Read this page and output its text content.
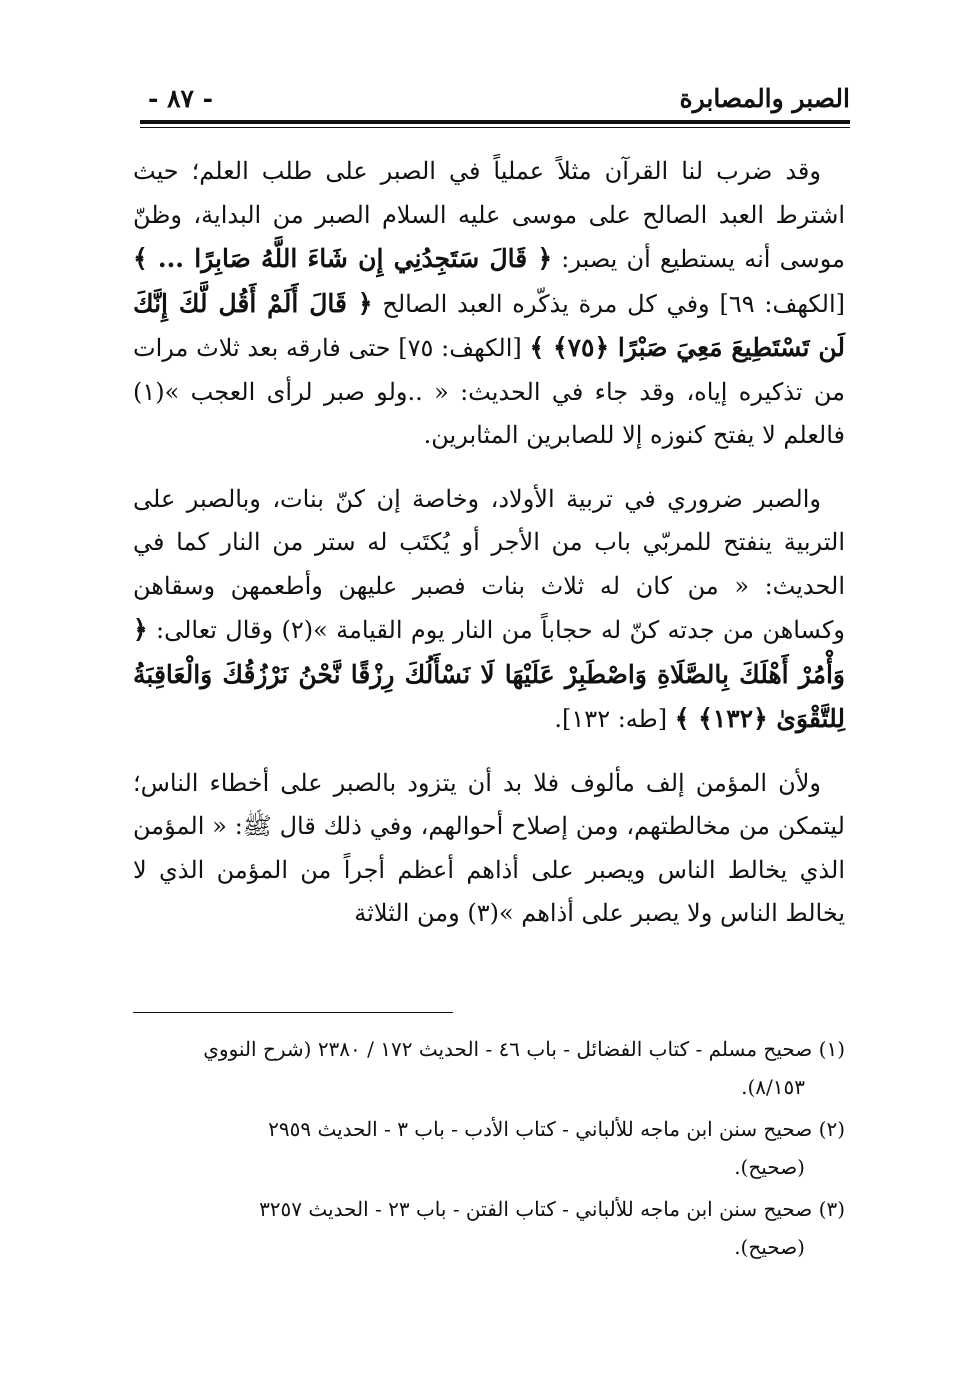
الصبر والمصابرة
- ٨٧ -

وقد ضرب لنا القرآن مثلاً عملياً في الصبر على طلب العلم؛ حيث اشترط العبد الصالح على موسى عليه السلام الصبر من البداية، وظنّ موسى أنه يستطيع أن يصبر: ﴿ قَالَ سَتَجِدُنِي إِن شَاءَ اللَّهُ صَابِرًا ... ﴾ [الكهف: ٦٩] وفي كل مرة يذكّره العبد الصالح ﴿ قَالَ أَلَمْ أَقُل لَّكَ إِنَّكَ لَن تَسْتَطِيعَ مَعِيَ صَبْرًا ﴿٧٥﴾ ﴾ [الكهف: ٧٥] حتى فارقه بعد ثلاث مرات من تذكيره إياه، وقد جاء في الحديث: « ..ولو صبر لرأى العجب »(١) فالعلم لا يفتح كنوزه إلا للصابرين المثابرين.

والصبر ضروري في تربية الأولاد، وخاصة إن كنّ بنات، وبالصبر على التربية ينفتح للمربّي باب من الأجر أو يُكتَب له ستر من النار كما في الحديث: « من كان له ثلاث بنات فصبر عليهن وأطعمهن وسقاهن وكساهن من جدته كنّ له حجاباً من النار يوم القيامة »(٢) وقال تعالى: ﴿ وَأْمُرْ أَهْلَكَ بِالصَّلَاةِ وَاصْطَبِرْ عَلَيْهَا لَا نَسْأَلُكَ رِزْقًا نَّحْنُ نَرْزُقُكَ وَالْعَاقِبَةُ لِلتَّقْوَىٰ ﴿١٣٢﴾ ﴾ [طه: ١٣٢].

ولأن المؤمن إلف مألوف فلا بد أن يتزود بالصبر على أخطاء الناس؛ ليتمكن من مخالطتهم، ومن إصلاح أحوالهم، وفي ذلك قال ﷺ: « المؤمن الذي يخالط الناس ويصبر على أذاهم أعظم أجراً من المؤمن الذي لا يخالط الناس ولا يصبر على أذاهم »(٣) ومن الثلاثة

(١) صحيح مسلم - كتاب الفضائل - باب ٤٦ - الحديث ١٧٢ / ٢٣٨٠ (شرح النووي
٨/١٥٣).
(٢) صحيح سنن ابن ماجه للألباني - كتاب الأدب - باب ٣ - الحديث ٢٩٥٩
(صحيح).
(٣) صحيح سنن ابن ماجه للألباني - كتاب الفتن - باب ٢٣ - الحديث ٣٢٥٧
(صحيح).
